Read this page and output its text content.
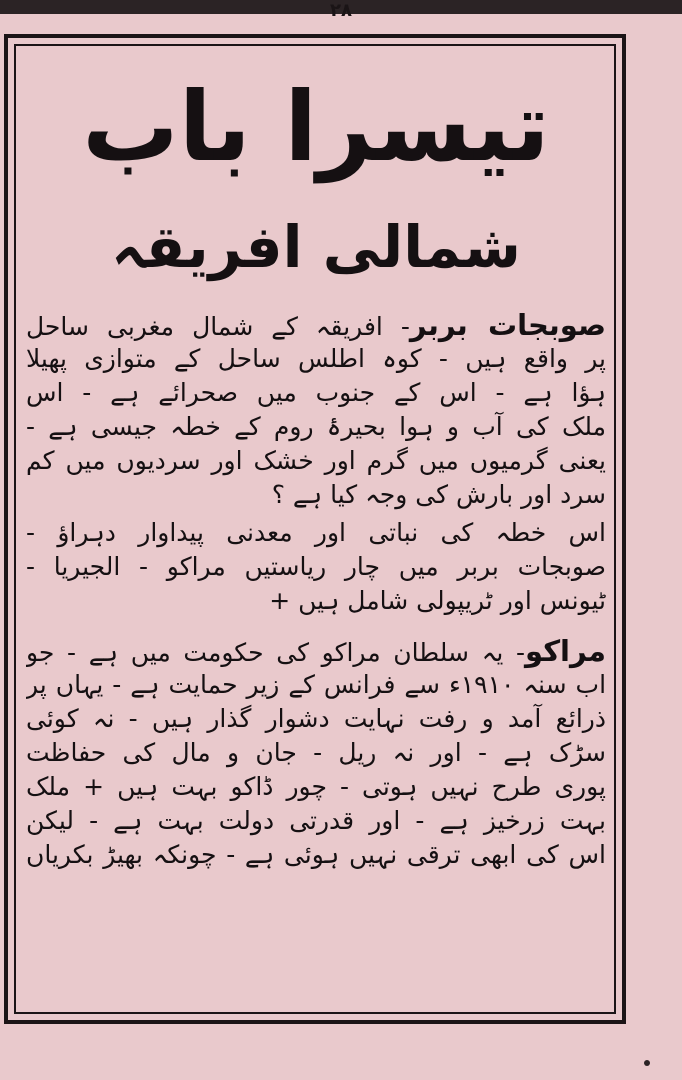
۲۸
تیسرا باب
شمالی افریقہ
صوبجات بربر- افریقہ کے شمال مغربی ساحل
پر واقع ہیں - کوہ اطلس ساحل کے متوازی پھیلا
ہؤا ہے - اس کے جنوب میں صحرائے ہے - اس
ملک کی آب و ہوا بحیرۂ روم کے خطہ جیسی ہے -
یعنی گرمیوں میں گرم اور خشک اور سردیوں میں کم
سرد اور بارش کی وجہ کیا ہے ؟
اس خطہ کی نباتی اور معدنی پیداوار دہراؤ -
صوبجات بربر میں چار ریاستیں مراکو - الجیریا -
ٹیونس اور ٹریپولی شامل ہیں +
مراکو- یہ سلطان مراکو کی حکومت میں ہے - جو
اب سنہ ۱۹۱۰ء سے فرانس کے زیر حمایت ہے - یہاں پر
ذرائع آمد و رفت نہایت دشوار گذار ہیں - نہ کوئی
سڑک ہے - اور نہ ریل - جان و مال کی حفاظت
پوری طرح نہیں ہوتی - چور ڈاکو بہت ہیں + ملک
بہت زرخیز ہے - اور قدرتی دولت بہت ہے - لیکن
اس کی ابھی ترقی نہیں ہوئی ہے - چونکہ بھیڑ بکریاں
